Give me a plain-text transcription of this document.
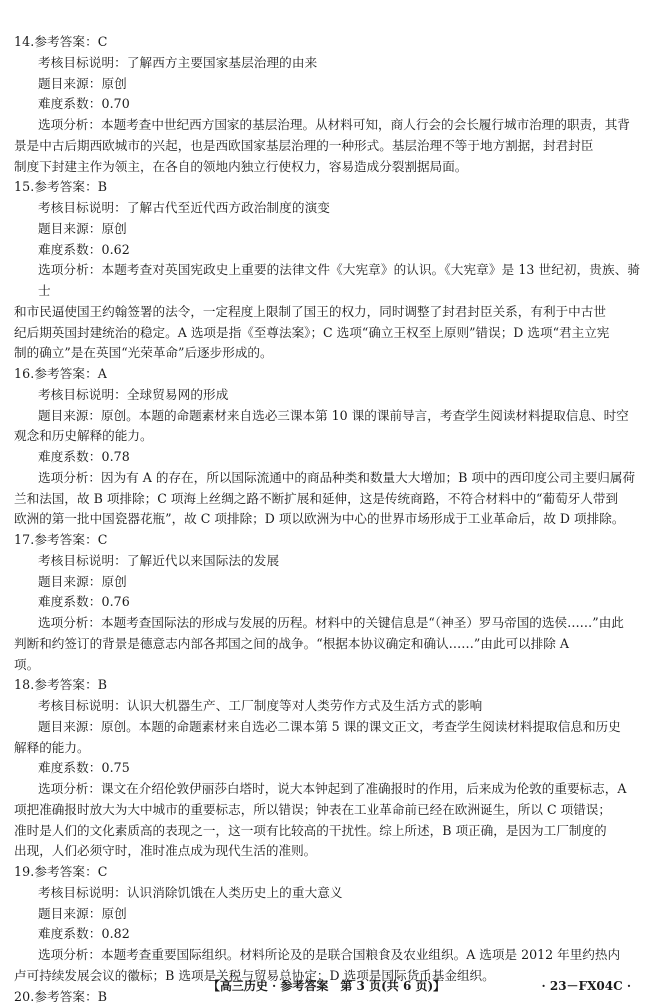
14.参考答案：C
考核目标说明：了解西方主要国家基层治理的由来
题目来源：原创
难度系数：0.70
选项分析：本题考查中世纪西方国家的基层治理。从材料可知，商人行会的会长履行城市治理的职责，其背
景是中古后期西欧城市的兴起，也是西欧国家基层治理的一种形式。基层治理不等于地方割据，封君封臣
制度下封建主作为领主，在各自的领地内独立行使权力，容易造成分裂割据局面。
15.参考答案：B
考核目标说明：了解古代至近代西方政治制度的演变
题目来源：原创
难度系数：0.62
选项分析：本题考查对英国宪政史上重要的法律文件《大宪章》的认识。《大宪章》是 13 世纪初，贵族、骑士
和市民逼使国王约翰签署的法令，一定程度上限制了国王的权力，同时调整了封君封臣关系，有利于中古世
纪后期英国封建统治的稳定。A 选项是指《至尊法案》；C 选项“确立王权至上原则”错误；D 选项“君主立宪
制的确立”是在英国“光荣革命”后逐步形成的。
16.参考答案：A
考核目标说明：全球贸易网的形成
题目来源：原创。本题的命题素材来自选必三课本第 10 课的课前导言，考查学生阅读材料提取信息、时空
观念和历史解释的能力。
难度系数：0.78
选项分析：因为有 A 的存在，所以国际流通中的商品种类和数量大大增加；B 项中的西印度公司主要归属荷
兰和法国，故 B 项排除；C 项海上丝绸之路不断扩展和延伸，这是传统商路，不符合材料中的“葡萄牙人带到
欧洲的第一批中国瓷器花瓶”，故 C 项排除；D 项以欧洲为中心的世界市场形成于工业革命后，故 D 项排除。
17.参考答案：C
考核目标说明：了解近代以来国际法的发展
题目来源：原创
难度系数：0.76
选项分析：本题考查国际法的形成与发展的历程。材料中的关键信息是“（神圣）罗马帝国的选侯……”由此
判断和约签订的背景是德意志内部各邦国之间的战争。“根据本协议确定和确认……”由此可以排除 A
项。
18.参考答案：B
考核目标说明：认识大机器生产、工厂制度等对人类劳作方式及生活方式的影响
题目来源：原创。本题的命题素材来自选必二课本第 5 课的课文正文，考查学生阅读材料提取信息和历史
解释的能力。
难度系数：0.75
选项分析：课文在介绍伦敦伊丽莎白塔时，说大本钟起到了准确报时的作用，后来成为伦敦的重要标志，A
项把准确报时放大为大中城市的重要标志，所以错误；钟表在工业革命前已经在欧洲诞生，所以 C 项错误；
准时是人们的文化素质高的表现之一，这一项有比较高的干扰性。综上所述，B 项正确，是因为工厂制度的
出现，人们必须守时，准时准点成为现代生活的准则。
19.参考答案：C
考核目标说明：认识消除饥饿在人类历史上的重大意义
题目来源：原创
难度系数：0.82
选项分析：本题考查重要国际组织。材料所论及的是联合国粮食及农业组织。A 选项是 2012 年里约热内
卢可持续发展会议的徽标；B 选项是关税与贸易总协定；D 选项是国际货币基金组织。
20.参考答案：B
【高三历史 · 参考答案　第 3 页(共 6 页)】	· 23－FX04C ·
